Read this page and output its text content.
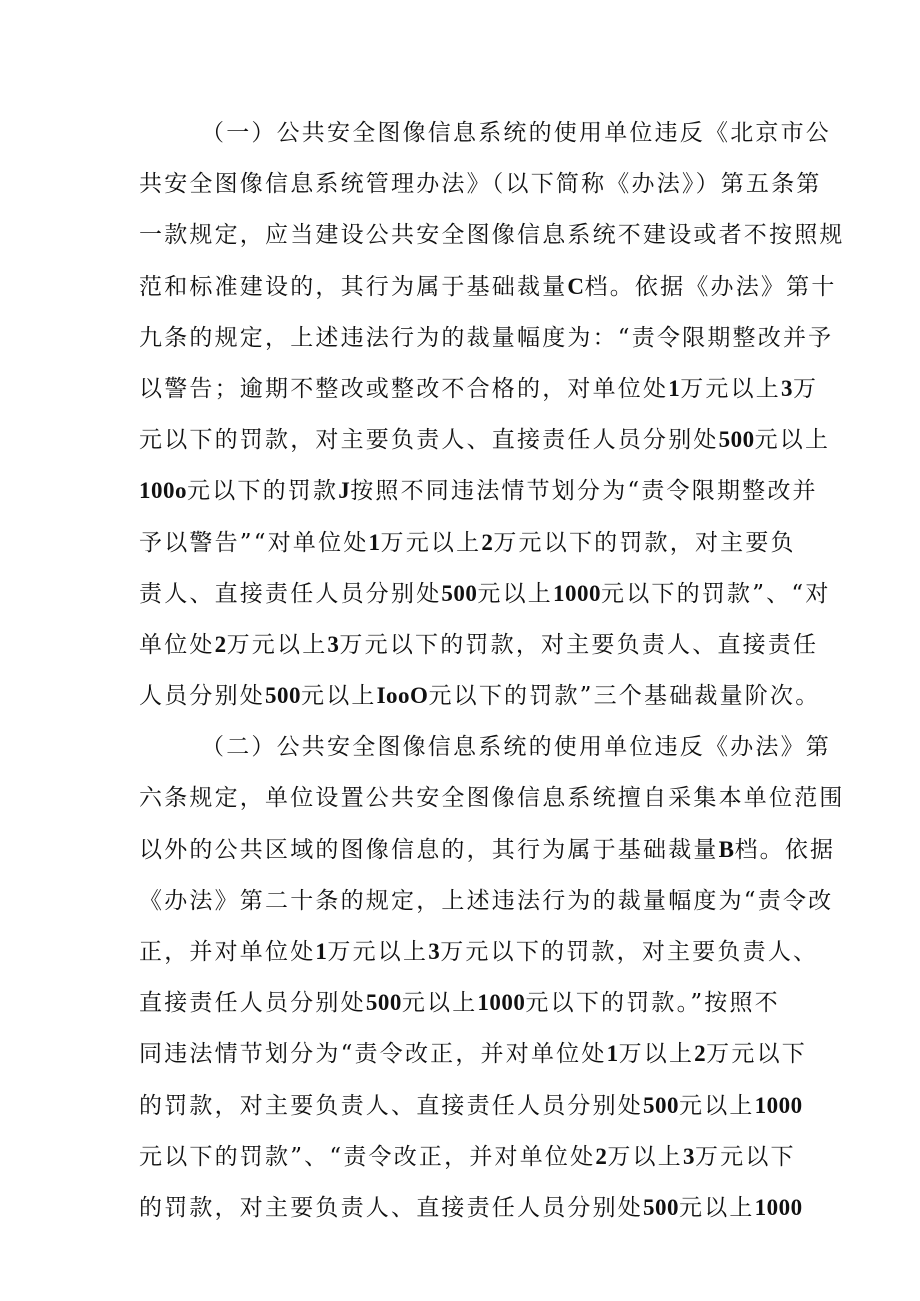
（一）公共安全图像信息系统的使用单位违反《北京市公
共安全图像信息系统管理办法》（以下简称《办法》）第五条第
一款规定，应当建设公共安全图像信息系统不建设或者不按照规
范和标准建设的，其行为属于基础裁量C档。依据《办法》第十
九条的规定，上述违法行为的裁量幅度为：“责令限期整改并予
以警告；逾期不整改或整改不合格的，对单位处1万元以上3万
元以下的罚款，对主要负责人、直接责任人员分别处500元以上
100o元以下的罚款J按照不同违法情节划分为“责令限期整改并
予以警告”“对单位处1万元以上2万元以下的罚款，对主要负
责人、直接责任人员分别处500元以上1000元以下的罚款”、“对
单位处2万元以上3万元以下的罚款，对主要负责人、直接责任
人员分别处500元以上IooO元以下的罚款”三个基础裁量阶次。
（二）公共安全图像信息系统的使用单位违反《办法》第
六条规定，单位设置公共安全图像信息系统擅自采集本单位范围
以外的公共区域的图像信息的，其行为属于基础裁量B档。依据
《办法》第二十条的规定，上述违法行为的裁量幅度为“责令改
正，并对单位处1万元以上3万元以下的罚款，对主要负责人、
直接责任人员分别处500元以上1000元以下的罚款。”按照不
同违法情节划分为“责令改正，并对单位处1万以上2万元以下
的罚款，对主要负责人、直接责任人员分别处500元以上1000
元以下的罚款”、“责令改正，并对单位处2万以上3万元以下
的罚款，对主要负责人、直接责任人员分别处500元以上1000
